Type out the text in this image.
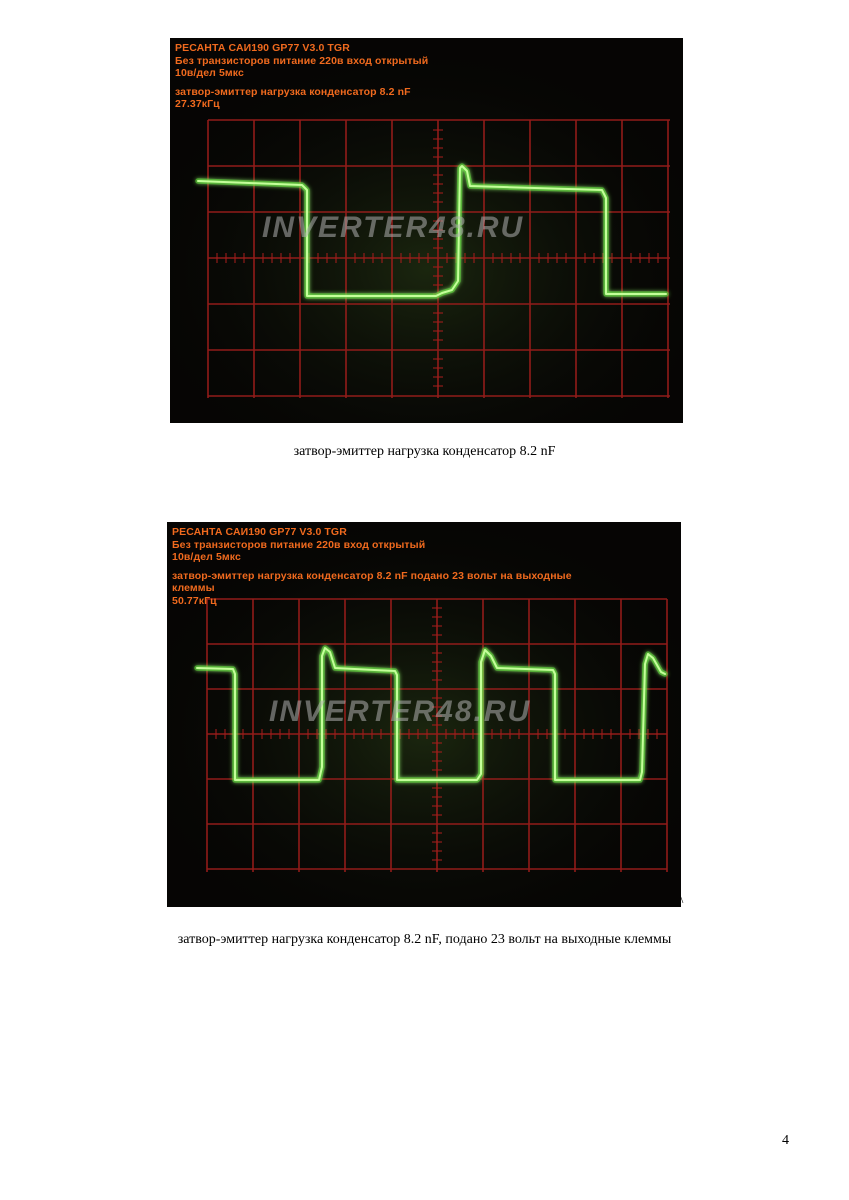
INVERTER48.RU
РЕСАНТА САИ190 GP77 V3.0 TGR
Без транзисторов питание 220в вход открытый
10в/дел 5мкс
затвор-эмиттер нагрузка конденсатор 8.2 nF
27.37кГц
затвор-эмиттер нагрузка конденсатор 8.2 nF
INVERTER48.RU
РЕСАНТА САИ190 GP77 V3.0 TGR
Без транзисторов питание 220в вход открытый
10в/дел 5мкс
затвор-эмиттер нагрузка конденсатор 8.2 nF подано 23 вольт на выходные
клеммы
50.77кГц
\
затвор-эмиттер нагрузка конденсатор 8.2 nF, подано 23 вольт на выходные клеммы
4
